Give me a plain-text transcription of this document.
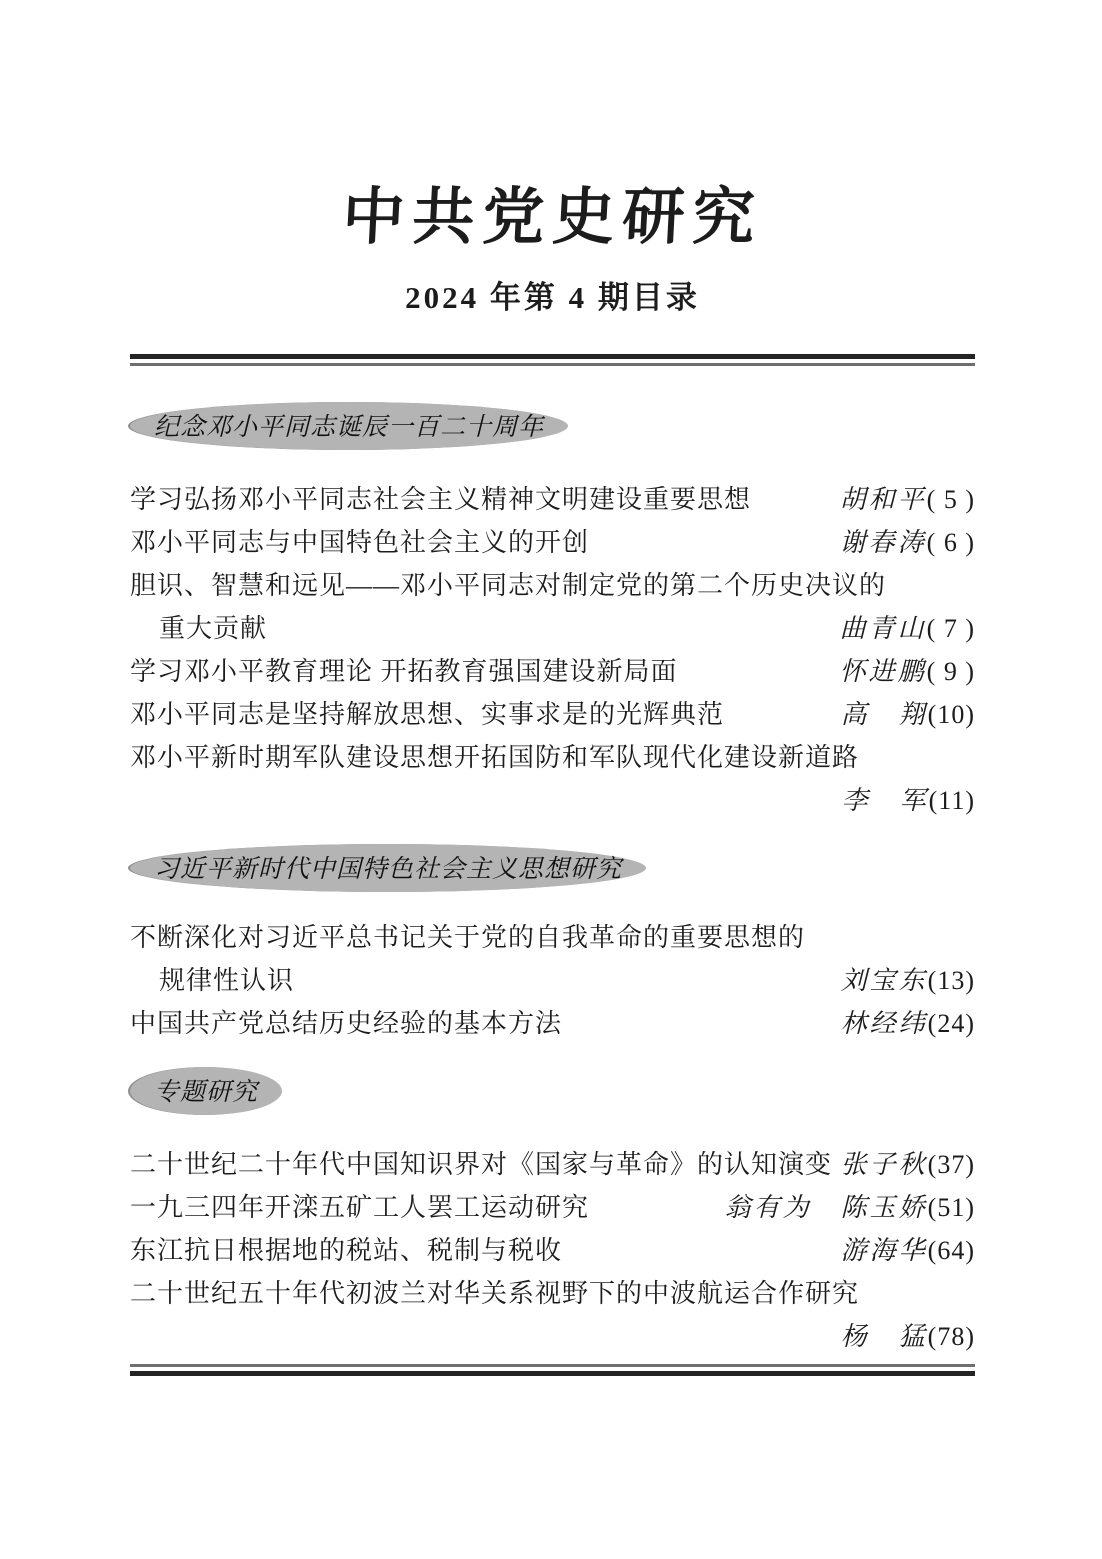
中共党史研究
2024 年第 4 期目录
纪念邓小平同志诞辰一百二十周年
学习弘扬邓小平同志社会主义精神文明建设重要思想	胡和平( 5 )
邓小平同志与中国特色社会主义的开创	谢春涛( 6 )
胆识、智慧和远见——邓小平同志对制定党的第二个历史决议的
重大贡献	曲青山( 7 )
学习邓小平教育理论 开拓教育强国建设新局面	怀进鹏( 9 )
邓小平同志是坚持解放思想、实事求是的光辉典范	高　翔(10)
邓小平新时期军队建设思想开拓国防和军队现代化建设新道路
李　军(11)
习近平新时代中国特色社会主义思想研究
不断深化对习近平总书记关于党的自我革命的重要思想的
规律性认识	刘宝东(13)
中国共产党总结历史经验的基本方法	林经纬(24)
专题研究
二十世纪二十年代中国知识界对《国家与革命》的认知演变 张子秋(37)
一九三四年开滦五矿工人罢工运动研究	翁有为　陈玉娇(51)
东江抗日根据地的税站、税制与税收	游海华(64)
二十世纪五十年代初波兰对华关系视野下的中波航运合作研究
杨　猛(78)
